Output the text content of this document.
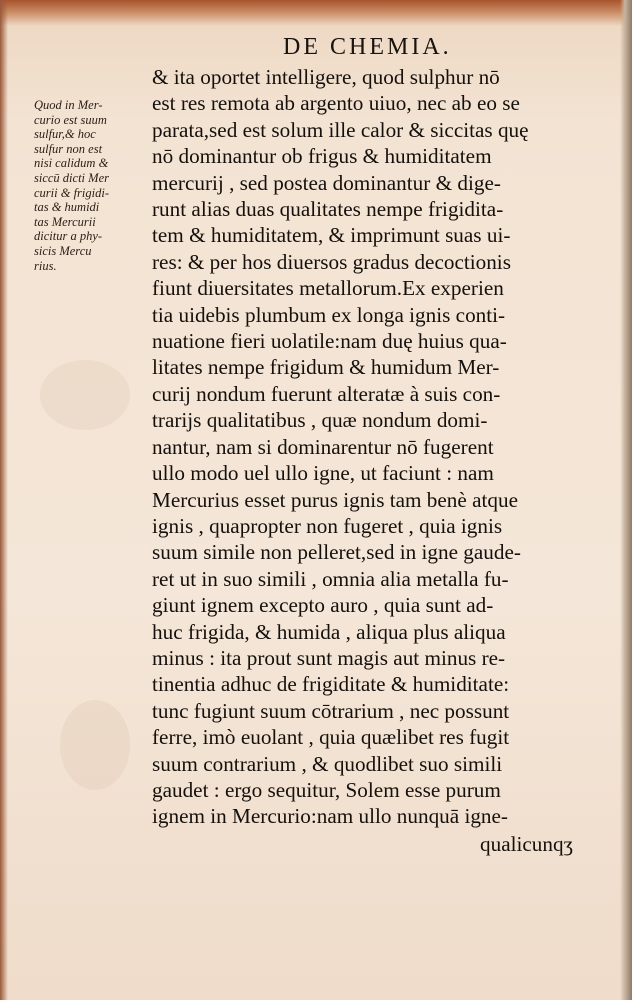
DE CHEMIA.
Quod in Mer-
curio est suum
sulfur,& hoc
sulfur non est
nisi calidum &
siccū dicti Mer
curii & frigidi-
tas & humidi
tas Mercurii
dicitur a phy-
sicis Mercu
rius.
& ita oportet intelligere, quod sulphur nō
est res remota ab argento uiuo, nec ab eo se
parata,sed est solum ille calor & siccitas quę
nō dominantur ob frigus & humiditatem
mercurij , sed postea dominantur & dige-
runt alias duas qualitates nempe frigidita-
tem & humiditatem, & imprimunt suas ui-
res: & per hos diuersos gradus decoctionis
fiunt diuersitates metallorum.Ex experien
tia uidebis plumbum ex longa ignis conti-
nuatione fieri uolatile:nam duę huius qua-
litates nempe frigidum & humidum Mer-
curij nondum fuerunt alteratæ à suis con-
trarijs qualitatibus , quæ nondum domi-
nantur, nam si dominarentur nō fugerent
ullo modo uel ullo igne, ut faciunt : nam
Mercurius esset purus ignis tam benè atque
ignis , quapropter non fugeret , quia ignis
suum simile non pelleret,sed in igne gaude-
ret ut in suo simili , omnia alia metalla fu-
giunt ignem excepto auro , quia sunt ad-
huc frigida, & humida , aliqua plus aliqua
minus : ita prout sunt magis aut minus re-
tinentia adhuc de frigiditate & humiditate:
tunc fugiunt suum cōtrarium , nec possunt
ferre, imò euolant , quia quælibet res fugit
suum contrarium , & quodlibet suo simili
gaudet : ergo sequitur, Solem esse purum
ignem in Mercurio:nam ullo nunquā igne-
qualicunqʒ
